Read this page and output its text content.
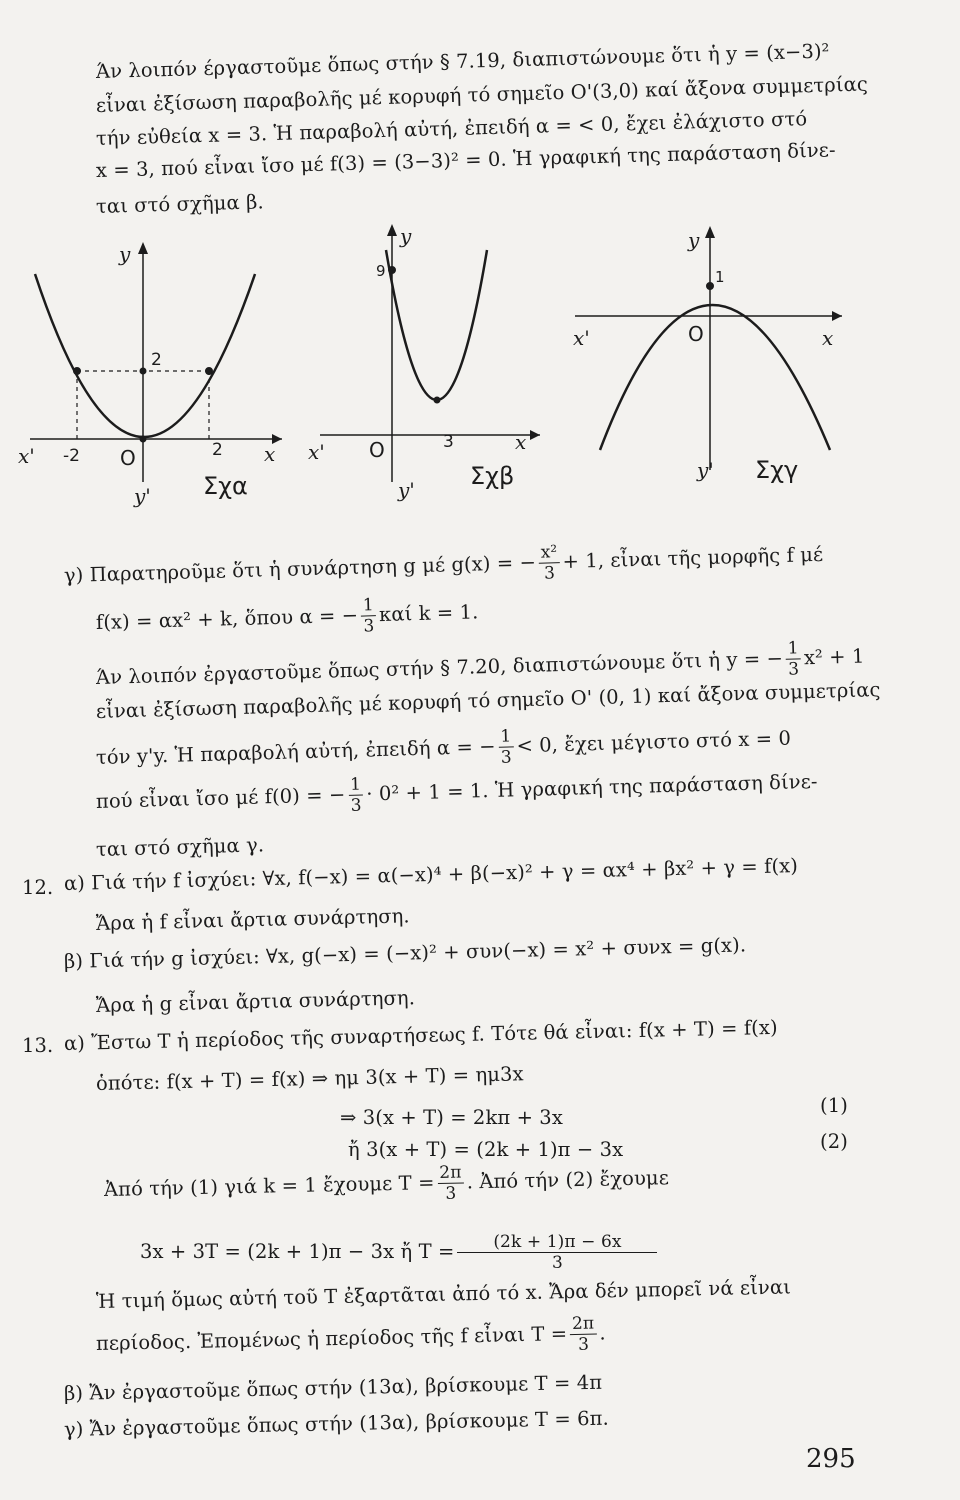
Άν λοιπόν έργαστοῦμε ὅπως στήν § 7.19, διαπιστώνουμε ὅτι ἡ y = (x−3)²
εἶναι ἐξίσωση παραβολῆς μέ κορυφή τό σημεῖο O'(3,0) καί ἄξονα συμμετρίας
τήν εὐθεία x = 3. Ἡ παραβολή αὐτή, ἐπειδή α = < 0, ἔχει ἐλάχιστο στό
x = 3, πού εἶναι ἴσο μέ f(3) = (3−3)² = 0. Ἡ γραφική της παράσταση δίνε-
ται στό σχῆμα β.
y
y'
x
x'	O
-2	2
2
Σχα
y
y'
x
x' O
9
3
Σχβ
y
y'
x
x'	O
1
Σχγ
γ) Παρατηροῦμε ὅτι ἡ συνάρτηση g μέ g(x) = − $\frac{\text{x²}}{3} + 1$, εἶναι τῆς μορφῆς f μέ
f(x) = αx² + k, ὅπου α = − $\frac{1}{3}$ καί k = 1.
Άν λοιπόν ἐργαστοῦμε ὅπως στήν § 7.20, διαπιστώνουμε ὅτι ἡ y = − $\frac{1}{3} x^2 + 1$
εἶναι ἐξίσωση παραβολῆς μέ κορυφή τό σημεῖο O' (0, 1) καί ἄξονα συμμετρίας
τόν y'y. Ἡ παραβολή αὐτή, ἐπειδή α = − $\frac{1}{3} < 0$, ἔχει μέγιστο στό x = 0
πού εἶναι ἴσο μέ f(0) = − $\frac{1}{3} \cdot 0^2 + 1 = 1$. Ἡ γραφική της παράσταση δίνε-
ται στό σχῆμα γ.
12. α) Γιά τήν f ἰσχύει: ∀x, f(−x) = α(−x)⁴ + β(−x)² + γ = αx⁴ + βx² + γ = f(x)
Ἄρα ἡ f εἶναι ἄρτια συνάρτηση.
β) Γιά τήν g ἰσχύει: ∀x, g(−x) = (−x)² + συν(−x) = x² + συνx = g(x).
Ἄρα ἡ g εἶναι ἄρτια συνάρτηση.
13. α) Ἔστω T ἡ περίοδος τῆς συναρτήσεως f. Τότε θά εἶναι: f(x + T) = f(x)
ὁπότε: f(x + T) = f(x) ⇒ ημ 3(x + T) = ημ3x
⇒ 3(x + T) = 2kπ + 3x
(1)
ἤ 3(x + T) = (2k + 1)π − 3x	(2)
Ἀπό τήν (1) γιά k = 1 ἔχουμε $T = \frac{2\pi}{3}$ . Ἀπό τήν (2) ἔχουμε
3x + 3T = (2k + 1)π − 3x ἤ $T = \frac{(2k + 1)\pi - 6x}{3}$
Ἡ τιμή ὅμως αὐτή τοῦ T ἐξαρτᾶται ἀπό τό x. Ἄρα δέν μπορεῖ νά εἶναι
περίοδος. Ἐπομένως ἡ περίοδος τῆς f εἶναι $T = \frac{2\pi}{3}$ .
β) Ἄν ἐργαστοῦμε ὅπως στήν (13α), βρίσκουμε T = 4π
γ) Ἄν ἐργαστοῦμε ὅπως στήν (13α), βρίσκουμε T = 6π.
295
